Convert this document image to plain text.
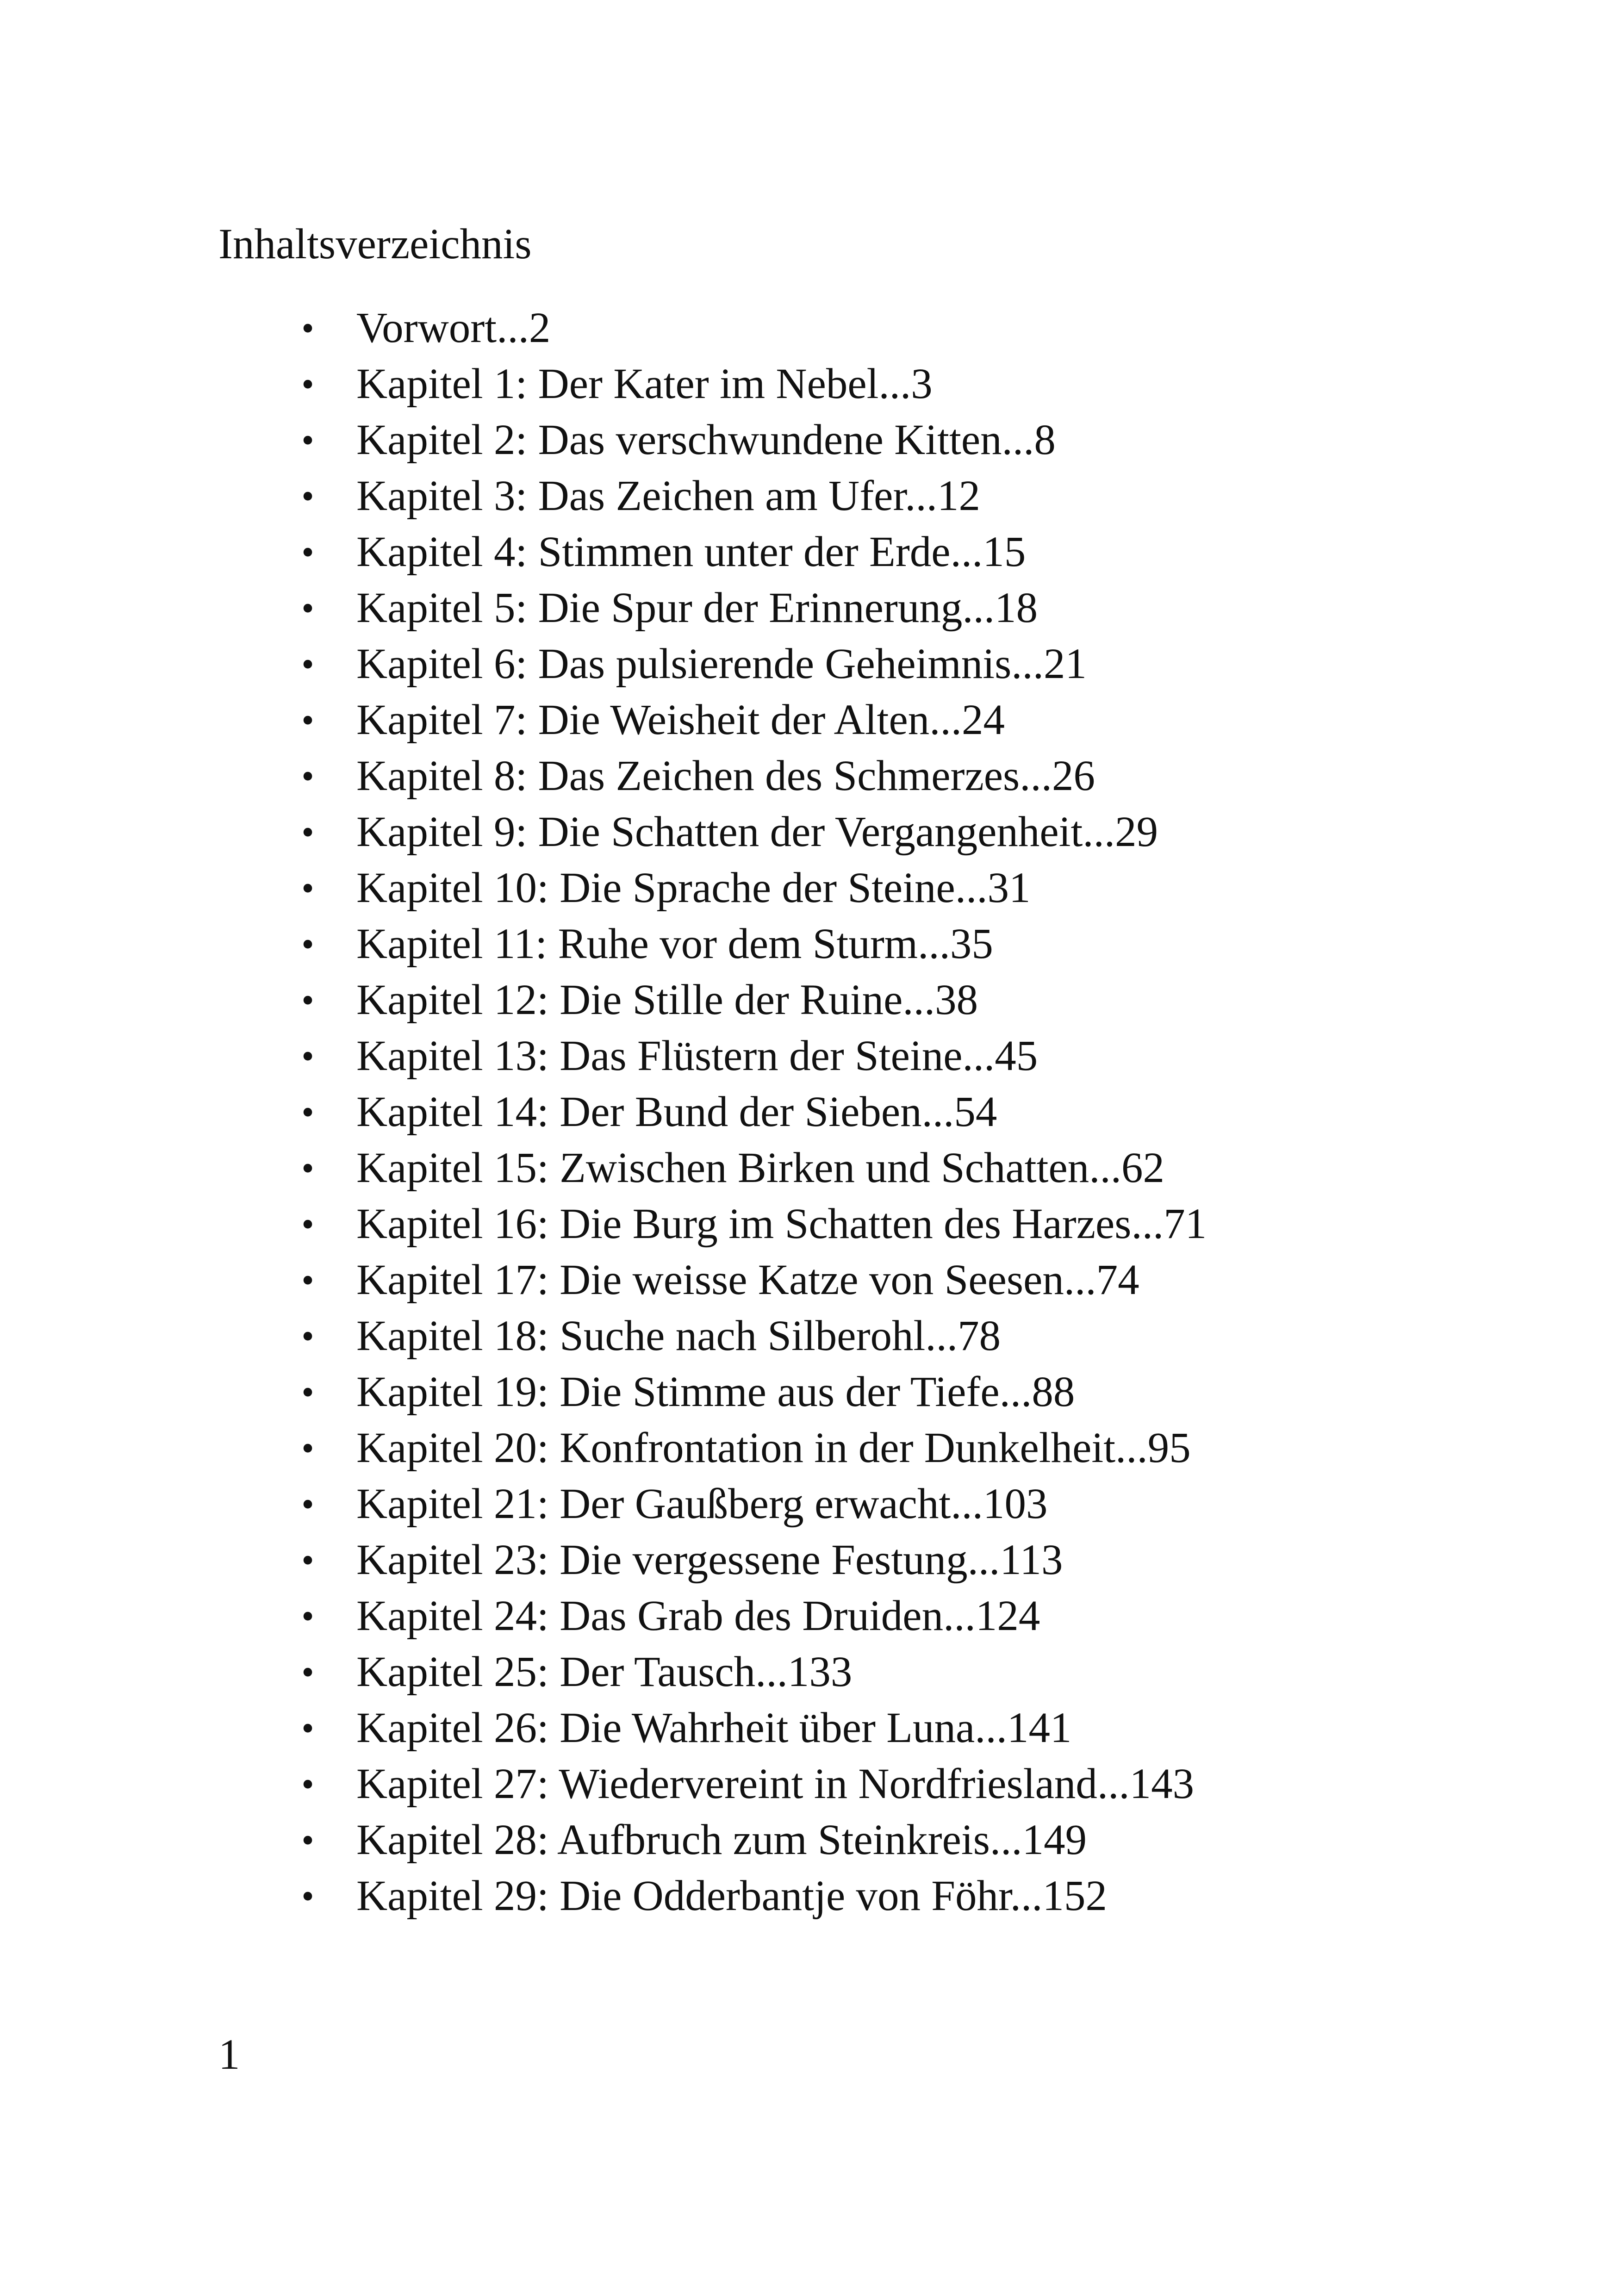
Inhaltsverzeichnis
• Vorwort...2
• Kapitel 1: Der Kater im Nebel...3
• Kapitel 2: Das verschwundene Kitten...8
• Kapitel 3: Das Zeichen am Ufer...12
• Kapitel 4: Stimmen unter der Erde...15
• Kapitel 5: Die Spur der Erinnerung...18
• Kapitel 6: Das pulsierende Geheimnis...21
• Kapitel 7: Die Weisheit der Alten...24
• Kapitel 8: Das Zeichen des Schmerzes...26
• Kapitel 9: Die Schatten der Vergangenheit...29
• Kapitel 10: Die Sprache der Steine...31
• Kapitel 11: Ruhe vor dem Sturm...35
• Kapitel 12: Die Stille der Ruine...38
• Kapitel 13: Das Flüstern der Steine...45
• Kapitel 14: Der Bund der Sieben...54
• Kapitel 15: Zwischen Birken und Schatten...62
• Kapitel 16: Die Burg im Schatten des Harzes...71
• Kapitel 17: Die weisse Katze von Seesen...74
• Kapitel 18: Suche nach Silberohl...78
• Kapitel 19: Die Stimme aus der Tiefe...88
• Kapitel 20: Konfrontation in der Dunkelheit...95
• Kapitel 21: Der Gaußberg erwacht...103
• Kapitel 23: Die vergessene Festung...113
• Kapitel 24: Das Grab des Druiden...124
• Kapitel 25: Der Tausch...133
• Kapitel 26: Die Wahrheit über Luna...141
• Kapitel 27: Wiedervereint in Nordfriesland...143
• Kapitel 28: Aufbruch zum Steinkreis...149
• Kapitel 29: Die Odderbantje von Föhr...152
1
